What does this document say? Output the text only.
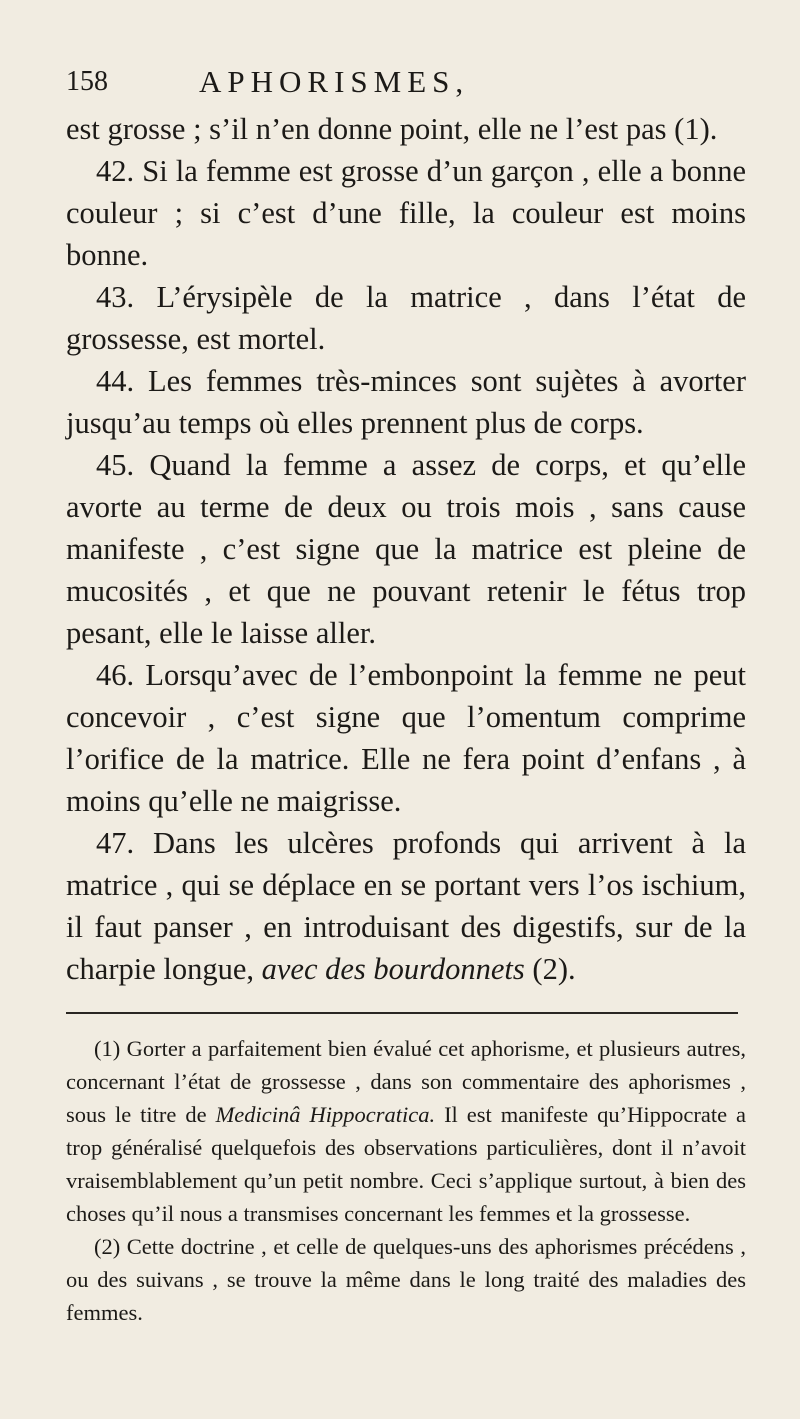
158	APHORISMES,

est grosse ; s’il n’en donne point, elle ne l’est pas (1).

42. Si la femme est grosse d’un garçon , elle a bonne couleur ; si c’est d’une fille, la couleur est moins bonne.

43. L’érysipèle de la matrice , dans l’état de grossesse, est mortel.

44. Les femmes très-minces sont sujètes à avorter jusqu’au temps où elles prennent plus de corps.

45. Quand la femme a assez de corps, et qu’elle avorte au terme de deux ou trois mois , sans cause manifeste , c’est signe que la matrice est pleine de mucosités , et que ne pouvant retenir le fétus trop pesant, elle le laisse aller.

46. Lorsqu’avec de l’embonpoint la femme ne peut concevoir , c’est signe que l’omentum comprime l’orifice de la matrice. Elle ne fera point d’enfans , à moins qu’elle ne maigrisse.

47. Dans les ulcères profonds qui arrivent à la matrice , qui se déplace en se portant vers l’os ischium, il faut panser , en introduisant des digestifs, sur de la charpie longue, avec des bourdonnets (2).

(1) Gorter a parfaitement bien évalué cet aphorisme, et plusieurs autres, concernant l’état de grossesse , dans son commentaire des aphorismes , sous le titre de Medicinâ Hippocratica. Il est manifeste qu’Hippocrate a trop généralisé quelquefois des observations particulières, dont il n’avoit vraisemblablement qu’un petit nombre. Ceci s’applique surtout, à bien des choses qu’il nous a transmises concernant les femmes et la grossesse.

(2) Cette doctrine , et celle de quelques-uns des aphorismes précédens , ou des suivans , se trouve la même dans le long traité des maladies des femmes.
